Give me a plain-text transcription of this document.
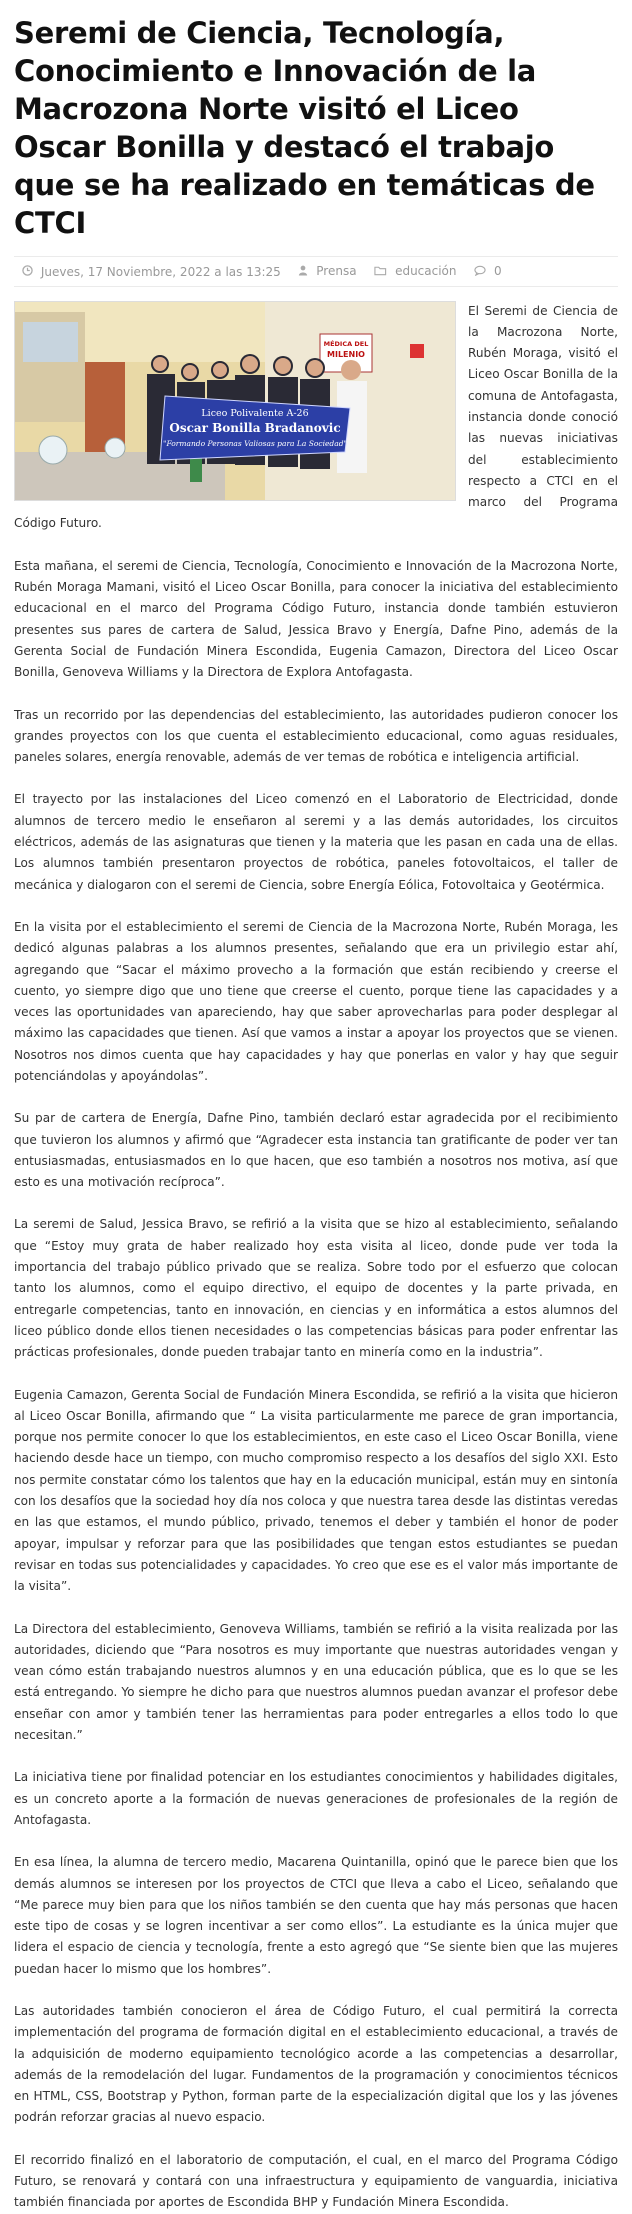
Seremi de Ciencia, Tecnología, Conocimiento e Innovación de la Macrozona Norte visitó el Liceo Oscar Bonilla y destacó el trabajo que se ha realizado en temáticas de CTCI
Jueves, 17 Noviembre, 2022 a las 13:25	Prensa	educación	0
MÉDICA DEL
MILENIO
Liceo Polivalente A-26
Oscar Bonilla Bradanovic
"Formando Personas Valiosas para La Sociedad"

El Seremi de Ciencia de la Macrozona Norte, Rubén Moraga, visitó el Liceo Oscar Bonilla de la comuna de Antofagasta, instancia donde conoció las nuevas iniciativas del establecimiento respecto a CTCI en el marco del Programa Código Futuro.

Esta mañana, el seremi de Ciencia, Tecnología, Conocimiento e Innovación de la Macrozona Norte, Rubén Moraga Mamani, visitó el Liceo Oscar Bonilla, para conocer la iniciativa del establecimiento educacional en el marco del Programa Código Futuro, instancia donde también estuvieron presentes sus pares de cartera de Salud, Jessica Bravo y Energía, Dafne Pino, además de la Gerenta Social de Fundación Minera Escondida, Eugenia Camazon, Directora del Liceo Oscar Bonilla, Genoveva Williams y la Directora de Explora Antofagasta.

Tras un recorrido por las dependencias del establecimiento, las autoridades pudieron conocer los grandes proyectos con los que cuenta el establecimiento educacional, como aguas residuales, paneles solares, energía renovable, además de ver temas de robótica e inteligencia artificial.

El trayecto por las instalaciones del Liceo comenzó en el Laboratorio de Electricidad, donde alumnos de tercero medio le enseñaron al seremi y a las demás autoridades, los circuitos eléctricos, además de las asignaturas que tienen y la materia que les pasan en cada una de ellas. Los alumnos también presentaron proyectos de robótica, paneles fotovoltaicos, el taller de mecánica y dialogaron con el seremi de Ciencia, sobre Energía Eólica, Fotovoltaica y Geotérmica.

En la visita por el establecimiento el seremi de Ciencia de la Macrozona Norte, Rubén Moraga, les dedicó algunas palabras a los alumnos presentes, señalando que era un privilegio estar ahí, agregando que “Sacar el máximo provecho a la formación que están recibiendo y creerse el cuento, yo siempre digo que uno tiene que creerse el cuento, porque tiene las capacidades y a veces las oportunidades van apareciendo, hay que saber aprovecharlas para poder desplegar al máximo las capacidades que tienen. Así que vamos a instar a apoyar los proyectos que se vienen. Nosotros nos dimos cuenta que hay capacidades y hay que ponerlas en valor y hay que seguir potenciándolas y apoyándolas”.

Su par de cartera de Energía, Dafne Pino, también declaró estar agradecida por el recibimiento que tuvieron los alumnos y afirmó que “Agradecer esta instancia tan gratificante de poder ver tan entusiasmadas, entusiasmados en lo que hacen, que eso también a nosotros nos motiva, así que esto es una motivación recíproca”.

La seremi de Salud, Jessica Bravo, se refirió a la visita que se hizo al establecimiento, señalando que “Estoy muy grata de haber realizado hoy esta visita al liceo, donde pude ver toda la importancia del trabajo público privado que se realiza. Sobre todo por el esfuerzo que colocan tanto los alumnos, como el equipo directivo, el equipo de docentes y la parte privada, en entregarle competencias, tanto en innovación, en ciencias y en informática a estos alumnos del liceo público donde ellos tienen necesidades o las competencias básicas para poder enfrentar las prácticas profesionales, donde pueden trabajar tanto en minería como en la industria”.

Eugenia Camazon, Gerenta Social de Fundación Minera Escondida, se refirió a la visita que hicieron al Liceo Oscar Bonilla, afirmando que “ La visita particularmente me parece de gran importancia, porque nos permite conocer lo que los establecimientos, en este caso el Liceo Oscar Bonilla, viene haciendo desde hace un tiempo, con mucho compromiso respecto a los desafíos del siglo XXI. Esto nos permite constatar cómo los talentos que hay en la educación municipal, están muy en sintonía con los desafíos que la sociedad hoy día nos coloca y que nuestra tarea desde las distintas veredas en las que estamos, el mundo público, privado, tenemos el deber y también el honor de poder apoyar, impulsar y reforzar para que las posibilidades que tengan estos estudiantes se puedan revisar en todas sus potencialidades y capacidades. Yo creo que ese es el valor más importante de la visita”.

La Directora del establecimiento, Genoveva Williams, también se refirió a la visita realizada por las autoridades, diciendo que “Para nosotros es muy importante que nuestras autoridades vengan y vean cómo están trabajando nuestros alumnos y en una educación pública, que es lo que se les está entregando. Yo siempre he dicho para que nuestros alumnos puedan avanzar el profesor debe enseñar con amor y también tener las herramientas para poder entregarles a ellos todo lo que necesitan.”

La iniciativa tiene por finalidad potenciar en los estudiantes conocimientos y habilidades digitales, es un concreto aporte a la formación de nuevas generaciones de profesionales de la región de Antofagasta.

En esa línea, la alumna de tercero medio, Macarena Quintanilla, opinó que le parece bien que los demás alumnos se interesen por los proyectos de CTCI que lleva a cabo el Liceo, señalando que “Me parece muy bien para que los niños también se den cuenta que hay más personas que hacen este tipo de cosas y se logren incentivar a ser como ellos”. La estudiante es la única mujer que lidera el espacio de ciencia y tecnología, frente a esto agregó que “Se siente bien que las mujeres puedan hacer lo mismo que los hombres”.

Las autoridades también conocieron el área de Código Futuro, el cual permitirá la correcta implementación del programa de formación digital en el establecimiento educacional, a través de la adquisición de moderno equipamiento tecnológico acorde a las competencias a desarrollar, además de la remodelación del lugar. Fundamentos de la programación y conocimientos técnicos en HTML, CSS, Bootstrap y Python, forman parte de la especialización digital que los y las jóvenes podrán reforzar gracias al nuevo espacio.

El recorrido finalizó en el laboratorio de computación, el cual, en el marco del Programa Código Futuro, se renovará y contará con una infraestructura y equipamiento de vanguardia, iniciativa también financiada por aportes de Escondida BHP y Fundación Minera Escondida.
